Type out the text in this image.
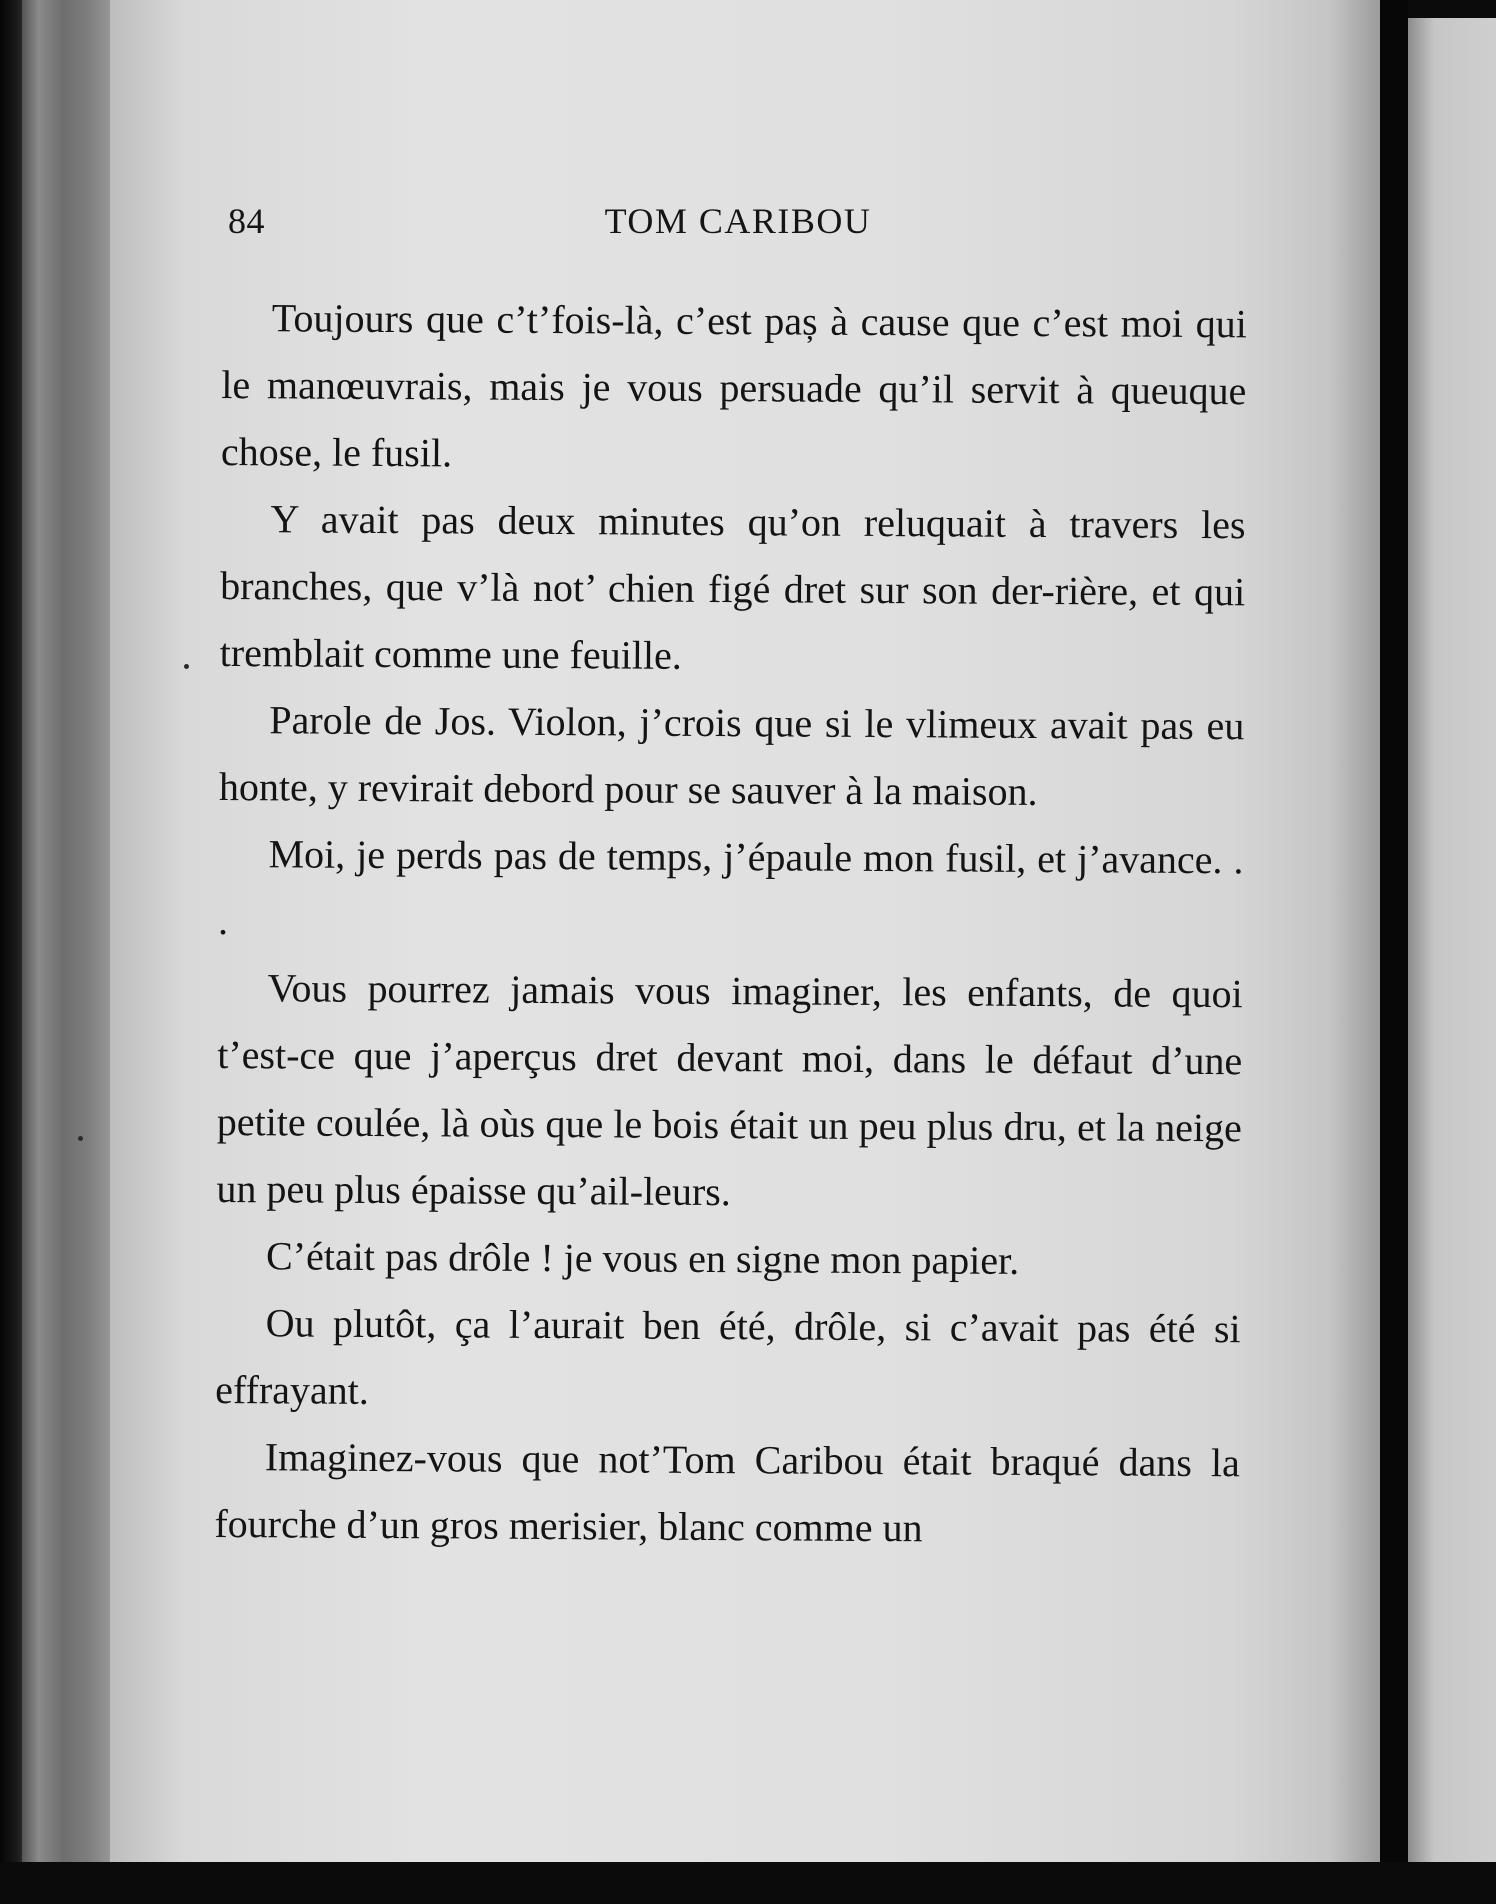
84	TOM CARIBOU

Toujours que c’t’fois-là, c’est paș à cause que c’est moi qui le manœuvrais, mais je vous persuade qu’il servit à queuque chose, le fusil.

Y avait pas deux minutes qu’on reluquait à travers les branches, que v’là not’ chien figé dret sur son der-rière, et qui tremblait comme une feuille.

Parole de Jos. Violon, j’crois que si le vlimeux avait pas eu honte, y revirait debord pour se sauver à la maison.

Moi, je perds pas de temps, j’épaule mon fusil, et j’avance. . .

Vous pourrez jamais vous imaginer, les enfants, de quoi t’est-ce que j’aperçus dret devant moi, dans le défaut d’une petite coulée, là oùs que le bois était un peu plus dru, et la neige un peu plus épaisse qu’ail-leurs.

C’était pas drôle ! je vous en signe mon papier.

Ou plutôt, ça l’aurait ben été, drôle, si c’avait pas été si effrayant.

Imaginez-vous que not’Tom Caribou était braqué dans la fourche d’un gros merisier, blanc comme un
